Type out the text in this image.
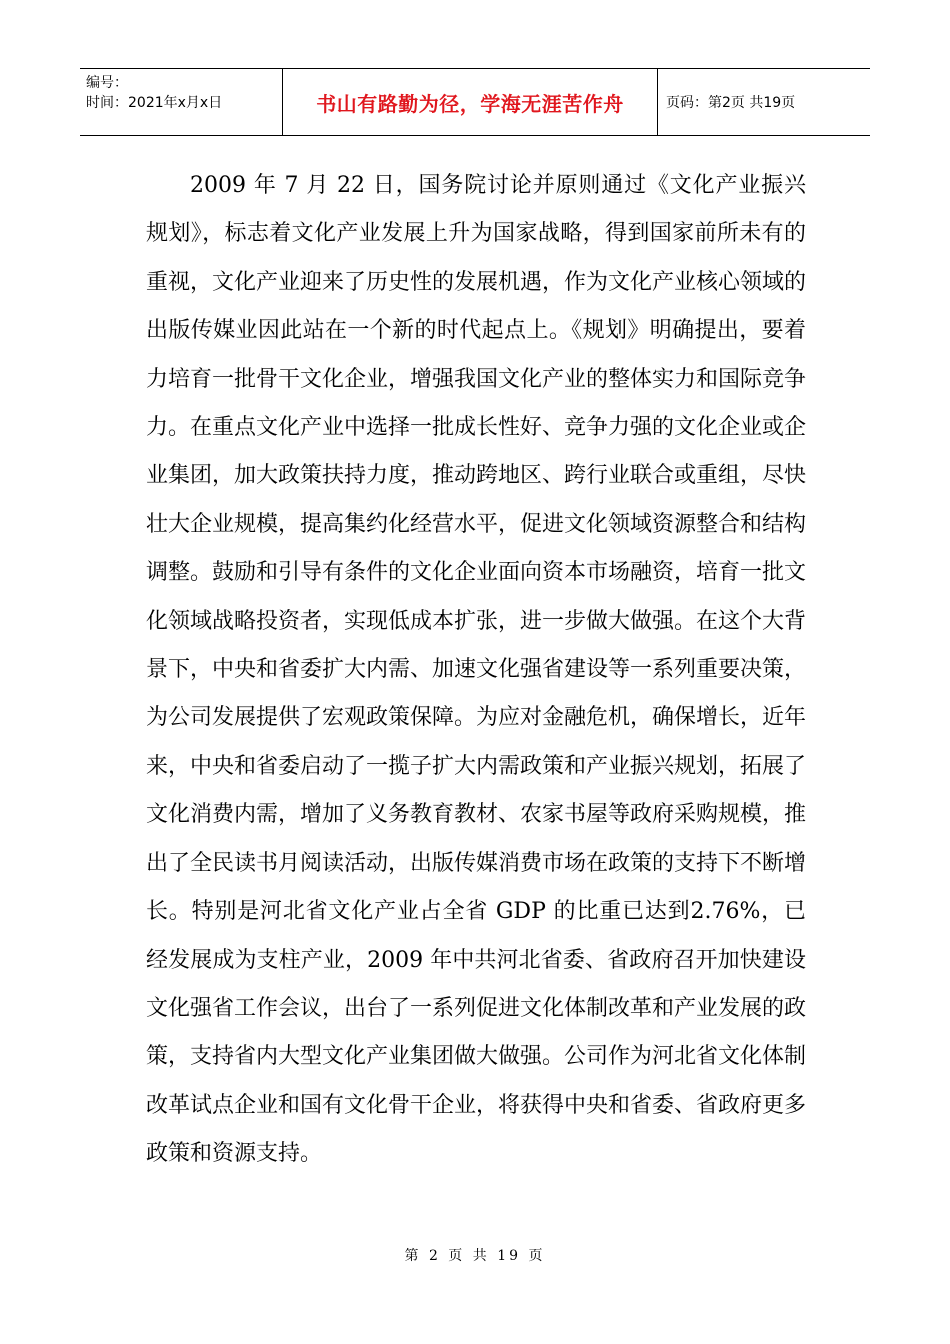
编号：
时间：2021年x月x日	书山有路勤为径，学海无涯苦作舟	页码：第2页 共19页

2009 年 7 月 22 日，国务院讨论并原则通过《文化产业振兴规划》，标志着文化产业发展上升为国家战略，得到国家前所未有的重视，文化产业迎来了历史性的发展机遇，作为文化产业核心领域的出版传媒业因此站在一个新的时代起点上。《规划》明确提出，要着力培育一批骨干文化企业，增强我国文化产业的整体实力和国际竞争力。在重点文化产业中选择一批成长性好、竞争力强的文化企业或企业集团，加大政策扶持力度，推动跨地区、跨行业联合或重组，尽快壮大企业规模，提高集约化经营水平，促进文化领域资源整合和结构调整。鼓励和引导有条件的文化企业面向资本市场融资，培育一批文化领域战略投资者，实现低成本扩张，进一步做大做强。在这个大背景下，中央和省委扩大内需、加速文化强省建设等一系列重要决策，为公司发展提供了宏观政策保障。为应对金融危机，确保增长，近年来，中央和省委启动了一揽子扩大内需政策和产业振兴规划，拓展了文化消费内需，增加了义务教育教材、农家书屋等政府采购规模，推出了全民读书月阅读活动，出版传媒消费市场在政策的支持下不断增长。特别是河北省文化产业占全省 GDP 的比重已达到2.76%，已经发展成为支柱产业，2009 年中共河北省委、省政府召开加快建设文化强省工作会议，出台了一系列促进文化体制改革和产业发展的政策，支持省内大型文化产业集团做大做强。公司作为河北省文化体制改革试点企业和国有文化骨干企业，将获得中央和省委、省政府更多政策和资源支持。

第 2 页 共 19 页
